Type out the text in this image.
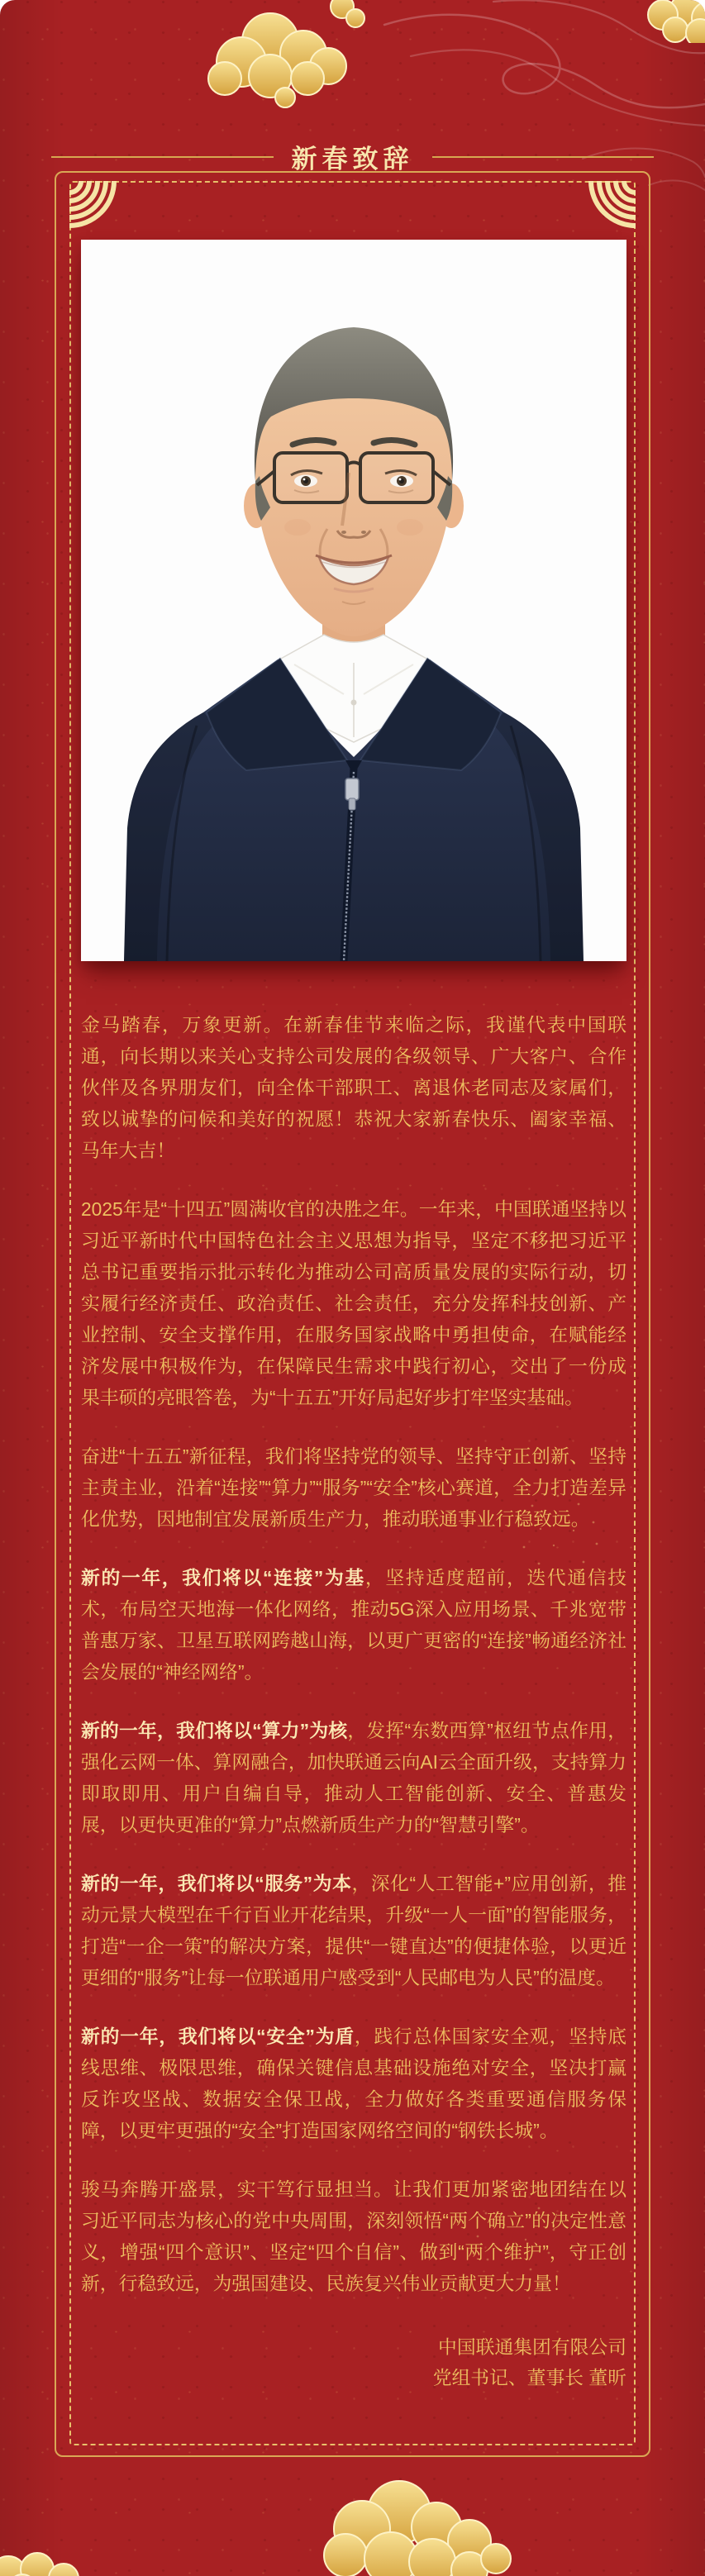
新春致辞

金马踏春，万象更新。在新春佳节来临之际，我谨代表中国联通，向长期以来关心支持公司发展的各级领导、广大客户、合作伙伴及各界朋友们，向全体干部职工、离退休老同志及家属们，致以诚挚的问候和美好的祝愿！恭祝大家新春快乐、阖家幸福、马年大吉！

2025年是“十四五”圆满收官的决胜之年。一年来，中国联通坚持以习近平新时代中国特色社会主义思想为指导，坚定不移把习近平总书记重要指示批示转化为推动公司高质量发展的实际行动，切实履行经济责任、政治责任、社会责任，充分发挥科技创新、产业控制、安全支撑作用，在服务国家战略中勇担使命，在赋能经济发展中积极作为，在保障民生需求中践行初心，交出了一份成果丰硕的亮眼答卷，为“十五五”开好局起好步打牢坚实基础。

奋进“十五五”新征程，我们将坚持党的领导、坚持守正创新、坚持主责主业，沿着“连接”“算力”“服务”“安全”核心赛道，全力打造差异化优势，因地制宜发展新质生产力，推动联通事业行稳致远。

新的一年，我们将以“连接”为基，坚持适度超前，迭代通信技术，布局空天地海一体化网络，推动5G深入应用场景、千兆宽带普惠万家、卫星互联网跨越山海，以更广更密的“连接”畅通经济社会发展的“神经网络”。

新的一年，我们将以“算力”为核，发挥“东数西算”枢纽节点作用，强化云网一体、算网融合，加快联通云向AI云全面升级，支持算力即取即用、用户自编自导，推动人工智能创新、安全、普惠发展，以更快更准的“算力”点燃新质生产力的“智慧引擎”。

新的一年，我们将以“服务”为本，深化“人工智能+”应用创新，推动元景大模型在千行百业开花结果，升级“一人一面”的智能服务，打造“一企一策”的解决方案，提供“一键直达”的便捷体验，以更近更细的“服务”让每一位联通用户感受到“人民邮电为人民”的温度。

新的一年，我们将以“安全”为盾，践行总体国家安全观，坚持底线思维、极限思维，确保关键信息基础设施绝对安全，坚决打赢反诈攻坚战、数据安全保卫战，全力做好各类重要通信服务保障，以更牢更强的“安全”打造国家网络空间的“钢铁长城”。

骏马奔腾开盛景，实干笃行显担当。让我们更加紧密地团结在以习近平同志为核心的党中央周围，深刻领悟“两个确立”的决定性意义，增强“四个意识”、坚定“四个自信”、做到“两个维护”，守正创新，行稳致远，为强国建设、民族复兴伟业贡献更大力量！

中国联通集团有限公司
党组书记、董事长 董昕
